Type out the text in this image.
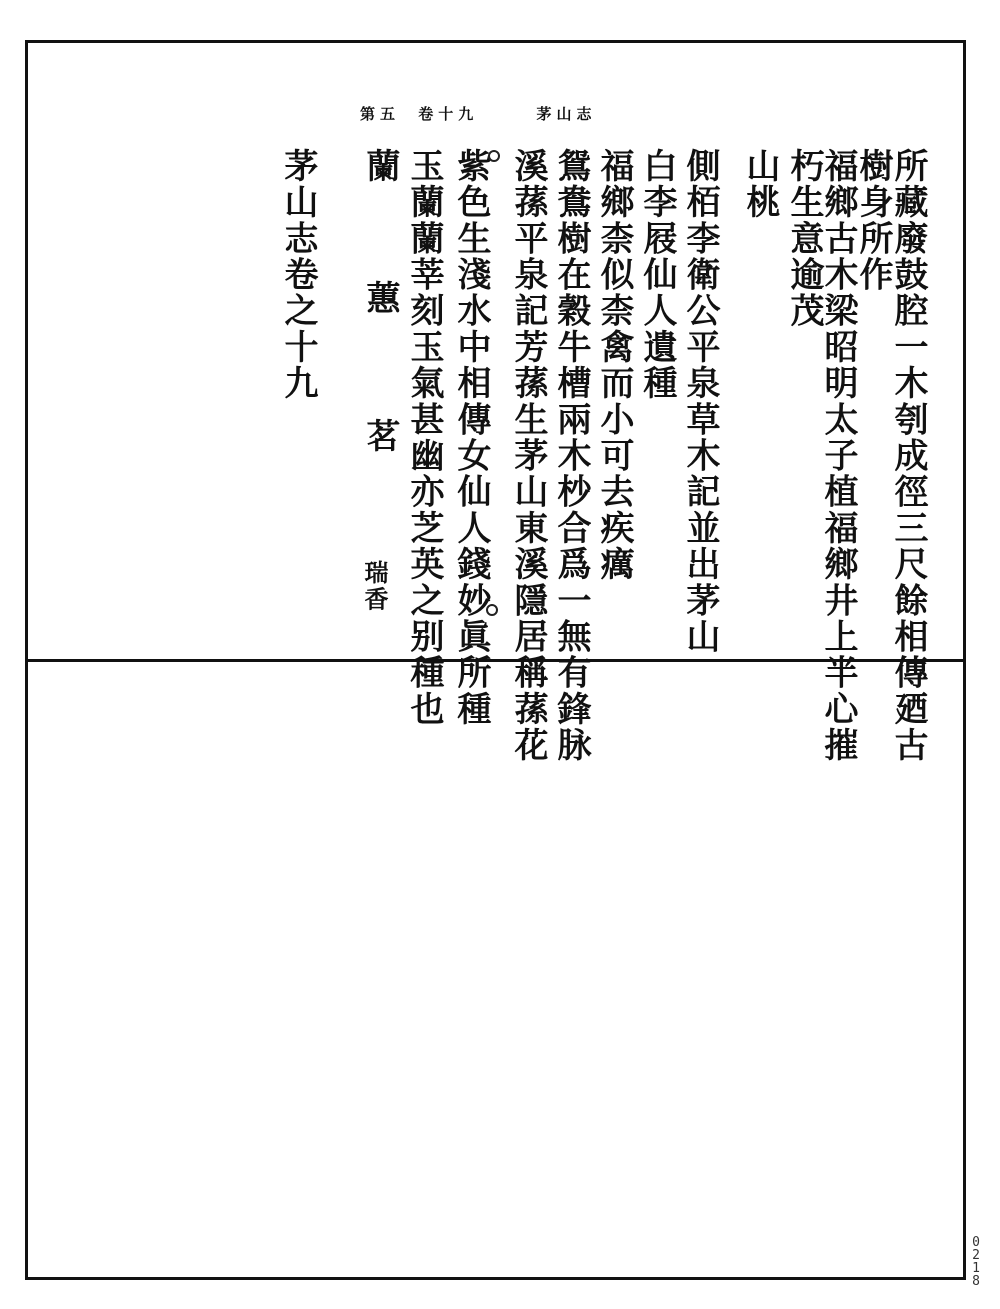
第五 卷十九	茅山志
所藏廢鼓腔一木刳成徑三尺餘相傳廼古
樹身所作
福鄉古木梁昭明太子植福鄉井上半心摧
朽生意逾茂
山桃
側栢李衛公平泉草木記並出茅山
白李屐仙人遺種
福鄉柰似柰禽而小可去疾癘
鴛鴦樹在穀牛槽兩木杪合爲一無有鋒脉
溪蓀平泉記芳蓀生茅山東溪隱居稱蓀花
紫色生淺水中相傳女仙人錢妙眞所種
玉蘭蘭莘刻玉氣甚幽亦芝英之别種也
蘭
蕙
茗
瑞香
茅山志卷之十九
0
2
1
8
